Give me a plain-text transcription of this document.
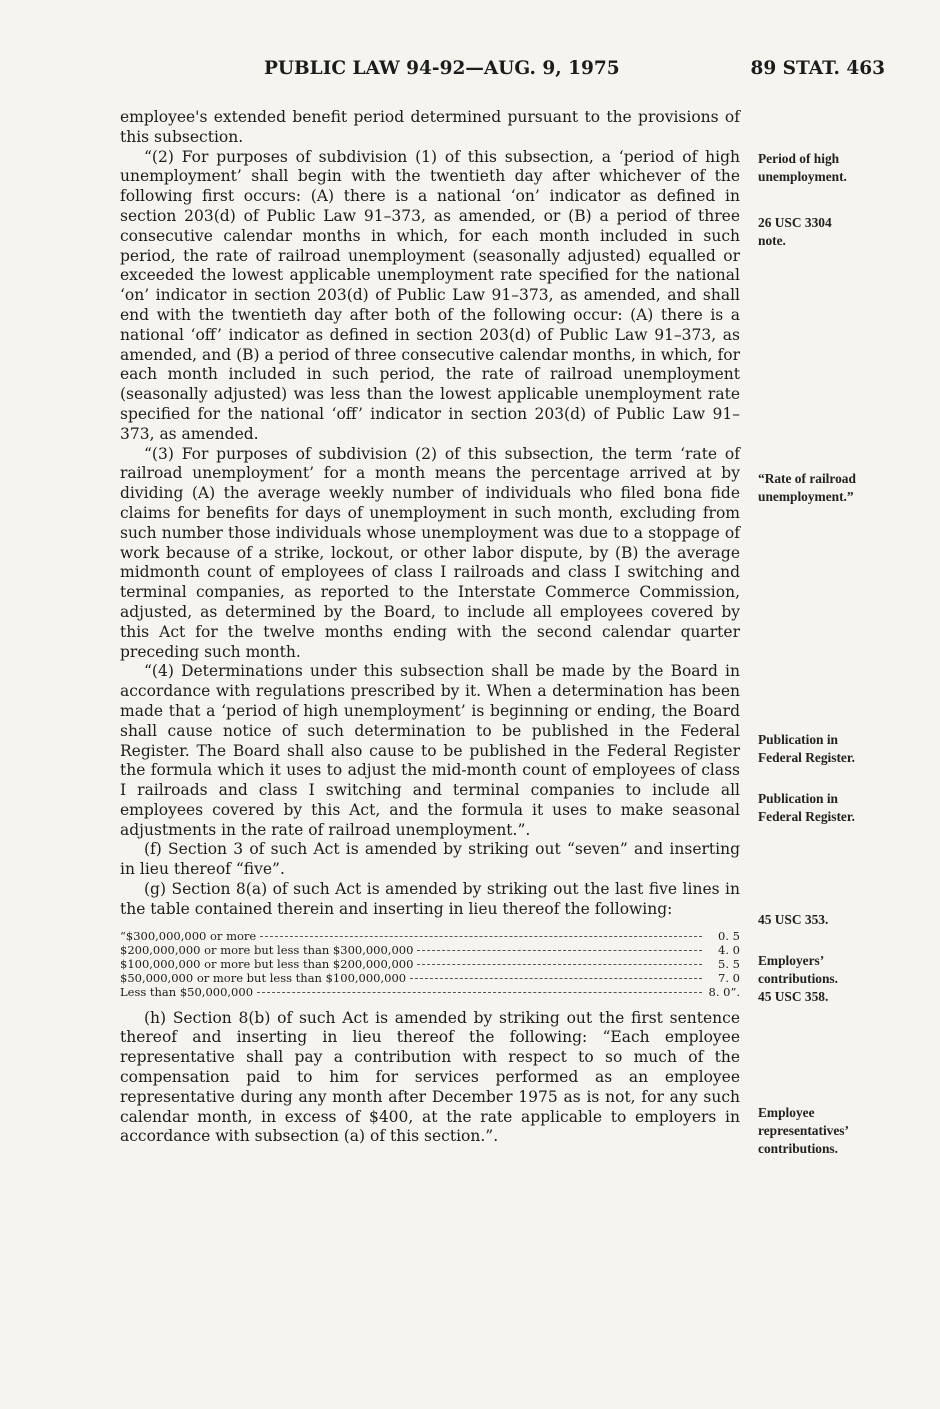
PUBLIC LAW 94-92—AUG. 9, 1975	89 STAT. 463

employee's extended benefit period determined pursuant to the provisions of this subsection.

“(2) For purposes of subdivision (1) of this subsection, a ‘period of high unemployment’ shall begin with the twentieth day after whichever of the following first occurs: (A) there is a national ‘on’ indicator as defined in section 203(d) of Public Law 91–373, as amended, or (B) a period of three consecutive calendar months in which, for each month included in such period, the rate of railroad unemployment (seasonally adjusted) equalled or exceeded the lowest applicable unemployment rate specified for the national ‘on’ indicator in section 203(d) of Public Law 91–373, as amended, and shall end with the twentieth day after both of the following occur: (A) there is a national ‘off’ indicator as defined in section 203(d) of Public Law 91–373, as amended, and (B) a period of three consecutive calendar months, in which, for each month included in such period, the rate of railroad unemployment (seasonally adjusted) was less than the lowest applicable unemployment rate specified for the national ‘off’ indicator in section 203(d) of Public Law 91–373, as amended.

“(3) For purposes of subdivision (2) of this subsection, the term ‘rate of railroad unemployment’ for a month means the percentage arrived at by dividing (A) the average weekly number of individuals who filed bona fide claims for benefits for days of unemployment in such month, excluding from such number those individuals whose unemployment was due to a stoppage of work because of a strike, lockout, or other labor dispute, by (B) the average midmonth count of employees of class I railroads and class I switching and terminal companies, as reported to the Interstate Commerce Commission, adjusted, as determined by the Board, to include all employees covered by this Act for the twelve months ending with the second calendar quarter preceding such month.

“(4) Determinations under this subsection shall be made by the Board in accordance with regulations prescribed by it. When a determination has been made that a ‘period of high unemployment’ is beginning or ending, the Board shall cause notice of such determination to be published in the Federal Register. The Board shall also cause to be published in the Federal Register the formula which it uses to adjust the mid-month count of employees of class I railroads and class I switching and terminal companies to include all employees covered by this Act, and the formula it uses to make seasonal adjustments in the rate of railroad unemployment.”.

(f) Section 3 of such Act is amended by striking out “seven” and inserting in lieu thereof “five”.

(g) Section 8(a) of such Act is amended by striking out the last five lines in the table contained therein and inserting in lieu thereof the following:

“$300,000,000 or more	0. 5
$200,000,000 or more but less than $300,000,000	4. 0
$100,000,000 or more but less than $200,000,000	5. 5
$50,000,000 or more but less than $100,000,000	7. 0
Less than $50,000,000	8. 0”.

(h) Section 8(b) of such Act is amended by striking out the first sentence thereof and inserting in lieu thereof the following: “Each employee representative shall pay a contribution with respect to so much of the compensation paid to him for services performed as an employee representative during any month after December 1975 as is not, for any such calendar month, in excess of $400, at the rate applicable to employers in accordance with subsection (a) of this section.”.

Period of high
unemployment.
26 USC 3304
note.
“Rate of railroad
unemployment.”
Publication in
Federal Register.
Publication in
Federal Register.
45 USC 353.
Employers’
contributions.
45 USC 358.
Employee
representatives’
contributions.
